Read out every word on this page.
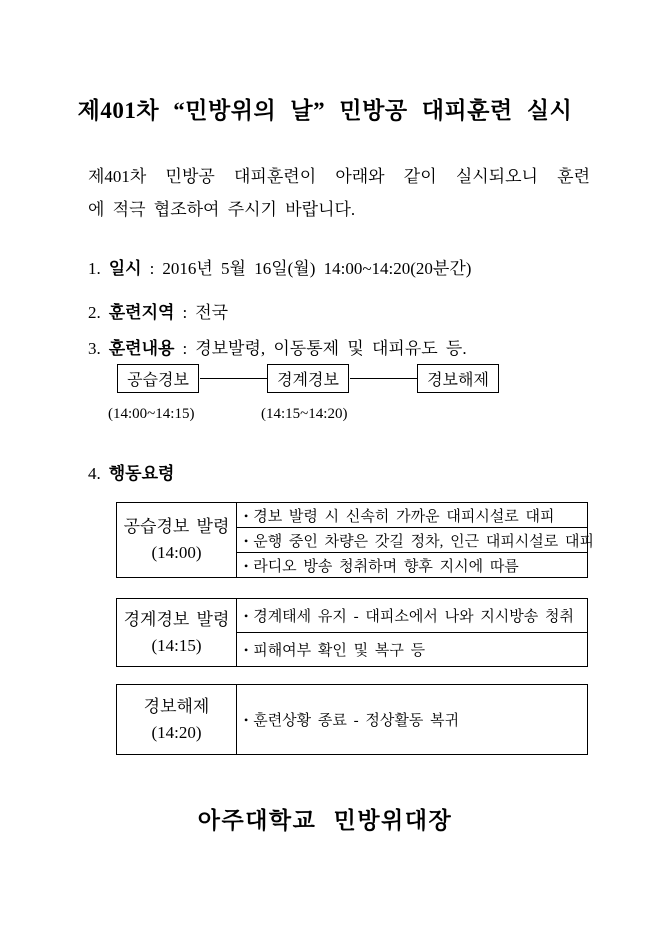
제401차 “민방위의 날” 민방공 대피훈련 실시
제401차 민방공 대피훈련이 아래와 같이 실시되오니 훈련
에 적극 협조하여 주시기 바랍니다.
1. 일시 : 2016년 5월 16일(월) 14:00~14:20(20분간)
2. 훈련지역 : 전국
3. 훈련내용 : 경보발령, 이동통제 및 대피유도 등.
공습경보	경계경보	경보해제
(14:00~14:15)	(14:15~14:20)
4. 행동요령
공습경보 발령
(14:00)
	• 경보 발령 시 신속히 가까운 대피시설로 대피
• 운행 중인 차량은 갓길 정차, 인근 대피시설로 대피
• 라디오 방송 청취하며 향후 지시에 따름
경계경보 발령
(14:15)
	• 경계태세 유지 - 대피소에서 나와 지시방송 청취
• 피해여부 확인 및 복구 등
경보해제
(14:20)
	• 훈련상황 종료 - 정상활동 복귀
아주대학교 민방위대장
